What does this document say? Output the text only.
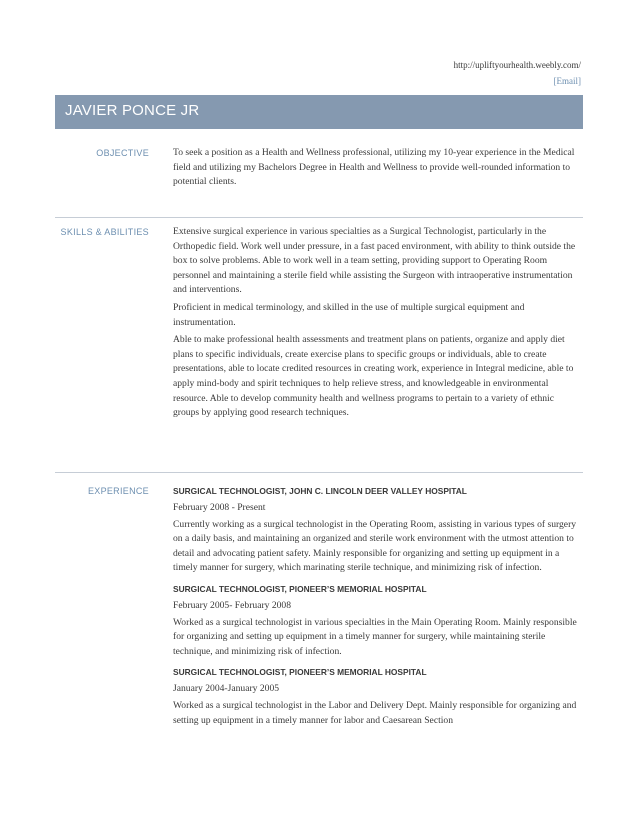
http://upliftyourhealth.weebly.com/
[Email]
JAVIER PONCE JR
OBJECTIVE	To seek a position as a Health and Wellness professional, utilizing my 10-year experience in the Medical field and utilizing my Bachelors Degree in Health and Wellness to provide well-rounded information to potential clients.

SKILLS & ABILITIES	Extensive surgical experience in various specialties as a Surgical Technologist, particularly in the Orthopedic field. Work well under pressure, in a fast paced environment, with ability to think outside the box to solve problems. Able to work well in a team setting, providing support to Operating Room personnel and maintaining a sterile field while assisting the Surgeon with intraoperative instrumentation and interventions.

Proficient in medical terminology, and skilled in the use of multiple surgical equipment and instrumentation.

Able to make professional health assessments and treatment plans on patients, organize and apply diet plans to specific individuals, create exercise plans to specific groups or individuals, able to create presentations, able to locate credited resources in creating work, experience in Integral medicine, able to apply mind-body and spirit techniques to help relieve stress, and knowledgeable in environmental resource. Able to develop community health and wellness programs to pertain to a variety of ethnic groups by applying good research techniques.

EXPERIENCE	SURGICAL TECHNOLOGIST, JOHN C. LINCOLN DEER VALLEY HOSPITAL
February 2008 - Present
Currently working as a surgical technologist in the Operating Room, assisting in various types of surgery on a daily basis, and maintaining an organized and sterile work environment with the utmost attention to detail and advocating patient safety. Mainly responsible for organizing and setting up equipment in a timely manner for surgery, which marinating sterile technique, and minimizing risk of infection.
SURGICAL TECHNOLOGIST, PIONEER’S MEMORIAL HOSPITAL
February 2005- February 2008
Worked as a surgical technologist in various specialties in the Main Operating Room. Mainly responsible for organizing and setting up equipment in a timely manner for surgery, while maintaining sterile technique, and minimizing risk of infection.
SURGICAL TECHNOLOGIST, PIONEER’S MEMORIAL HOSPITAL
January 2004-January 2005
Worked as a surgical technologist in the Labor and Delivery Dept. Mainly responsible for organizing and setting up equipment in a timely manner for labor and Caesarean Section
